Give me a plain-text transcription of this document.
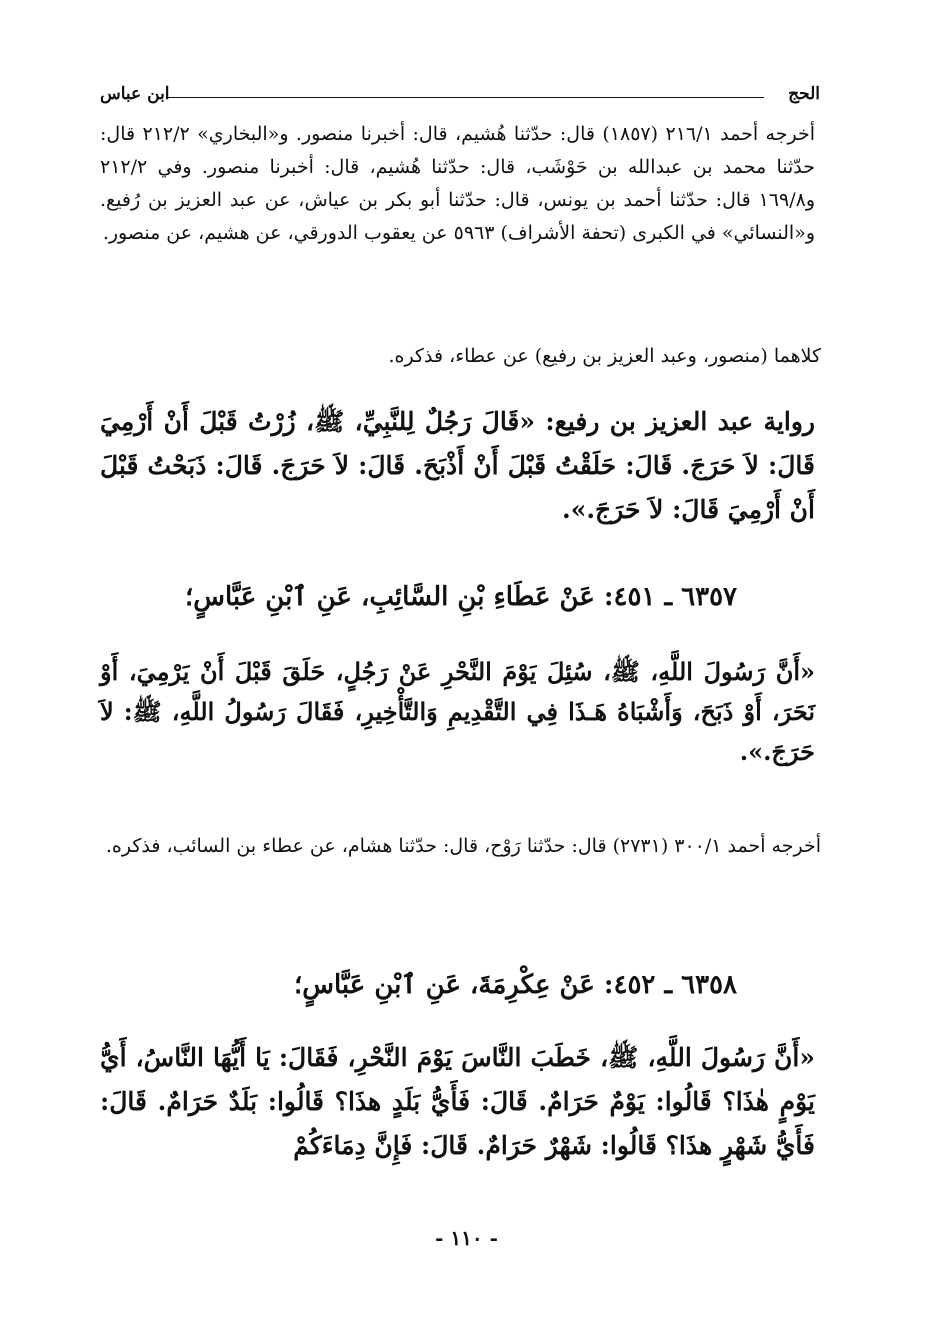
الحج
ابن عباس
أخرجه أحمد ٢١٦/١ (١٨٥٧) قال: حدّثنا هُشيم، قال: أخبرنا منصور. و«البخاري» ٢١٢/٢ قال: حدّثنا محمد بن عبدالله بن حَوْشَب، قال: حدّثنا هُشيم، قال: أخبرنا منصور. وفي ٢١٢/٢ و١٦٩/٨ قال: حدّثنا أحمد بن يونس، قال: حدّثنا أبو بكر بن عياش، عن عبد العزيز بن رُفيع. و«النسائي» في الكبرى (تحفة الأشراف) ٥٩٦٣ عن يعقوب الدورقي، عن هشيم، عن منصور.
كلاهما (منصور، وعبد العزيز بن رفيع) عن عطاء، فذكره.
رواية عبد العزيز بن رفيع: «قَالَ رَجُلٌ لِلنَّبِيِّ، ﷺ، زُرْتُ قَبْلَ أَنْ أَرْمِيَ قَالَ: لاَ حَرَجَ. قَالَ: حَلَقْتُ قَبْلَ أَنْ أَذْبَحَ. قَالَ: لاَ حَرَجَ. قَالَ: ذَبَحْتُ قَبْلَ أَنْ أَرْمِيَ قَالَ: لاَ حَرَجَ.».
٦٣٥٧ ـ ٤٥١: عَنْ عَطَاءِ بْنِ السَّائِبِ، عَنِ ٱبْنِ عَبَّاسٍ؛
«أَنَّ رَسُولَ اللَّهِ، ﷺ، سُئِلَ يَوْمَ النَّحْرِ عَنْ رَجُلٍ، حَلَقَ قَبْلَ أَنْ يَرْمِيَ، أَوْ نَحَرَ، أَوْ ذَبَحَ، وَأَشْبَاهُ هَـذَا فِي التَّقْدِيمِ وَالتَّأْخِيرِ، فَقَالَ رَسُولُ اللَّهِ، ﷺ: لاَ حَرَجَ.».
أخرجه أحمد ٣٠٠/١ (٢٧٣١) قال: حدّثنا رَوْح، قال: حدّثنا هشام، عن عطاء بن السائب، فذكره.
٦٣٥٨ ـ ٤٥٢: عَنْ عِكْرِمَةَ، عَنِ ٱبْنِ عَبَّاسٍ؛
«أَنَّ رَسُولَ اللَّهِ، ﷺ، خَطَبَ النَّاسَ يَوْمَ النَّحْرِ، فَقَالَ: يَا أَيُّهَا النَّاسُ، أَيُّ يَوْمٍ هٰذَا؟ قَالُوا: يَوْمٌ حَرَامٌ. قَالَ: فَأَيُّ بَلَدٍ هذَا؟ قَالُوا: بَلَدٌ حَرَامٌ. قَالَ: فَأَيُّ شَهْرٍ هذَا؟ قَالُوا: شَهْرٌ حَرَامٌ. قَالَ: فَإِنَّ دِمَاءَكُمْ
- ١١٠ -
